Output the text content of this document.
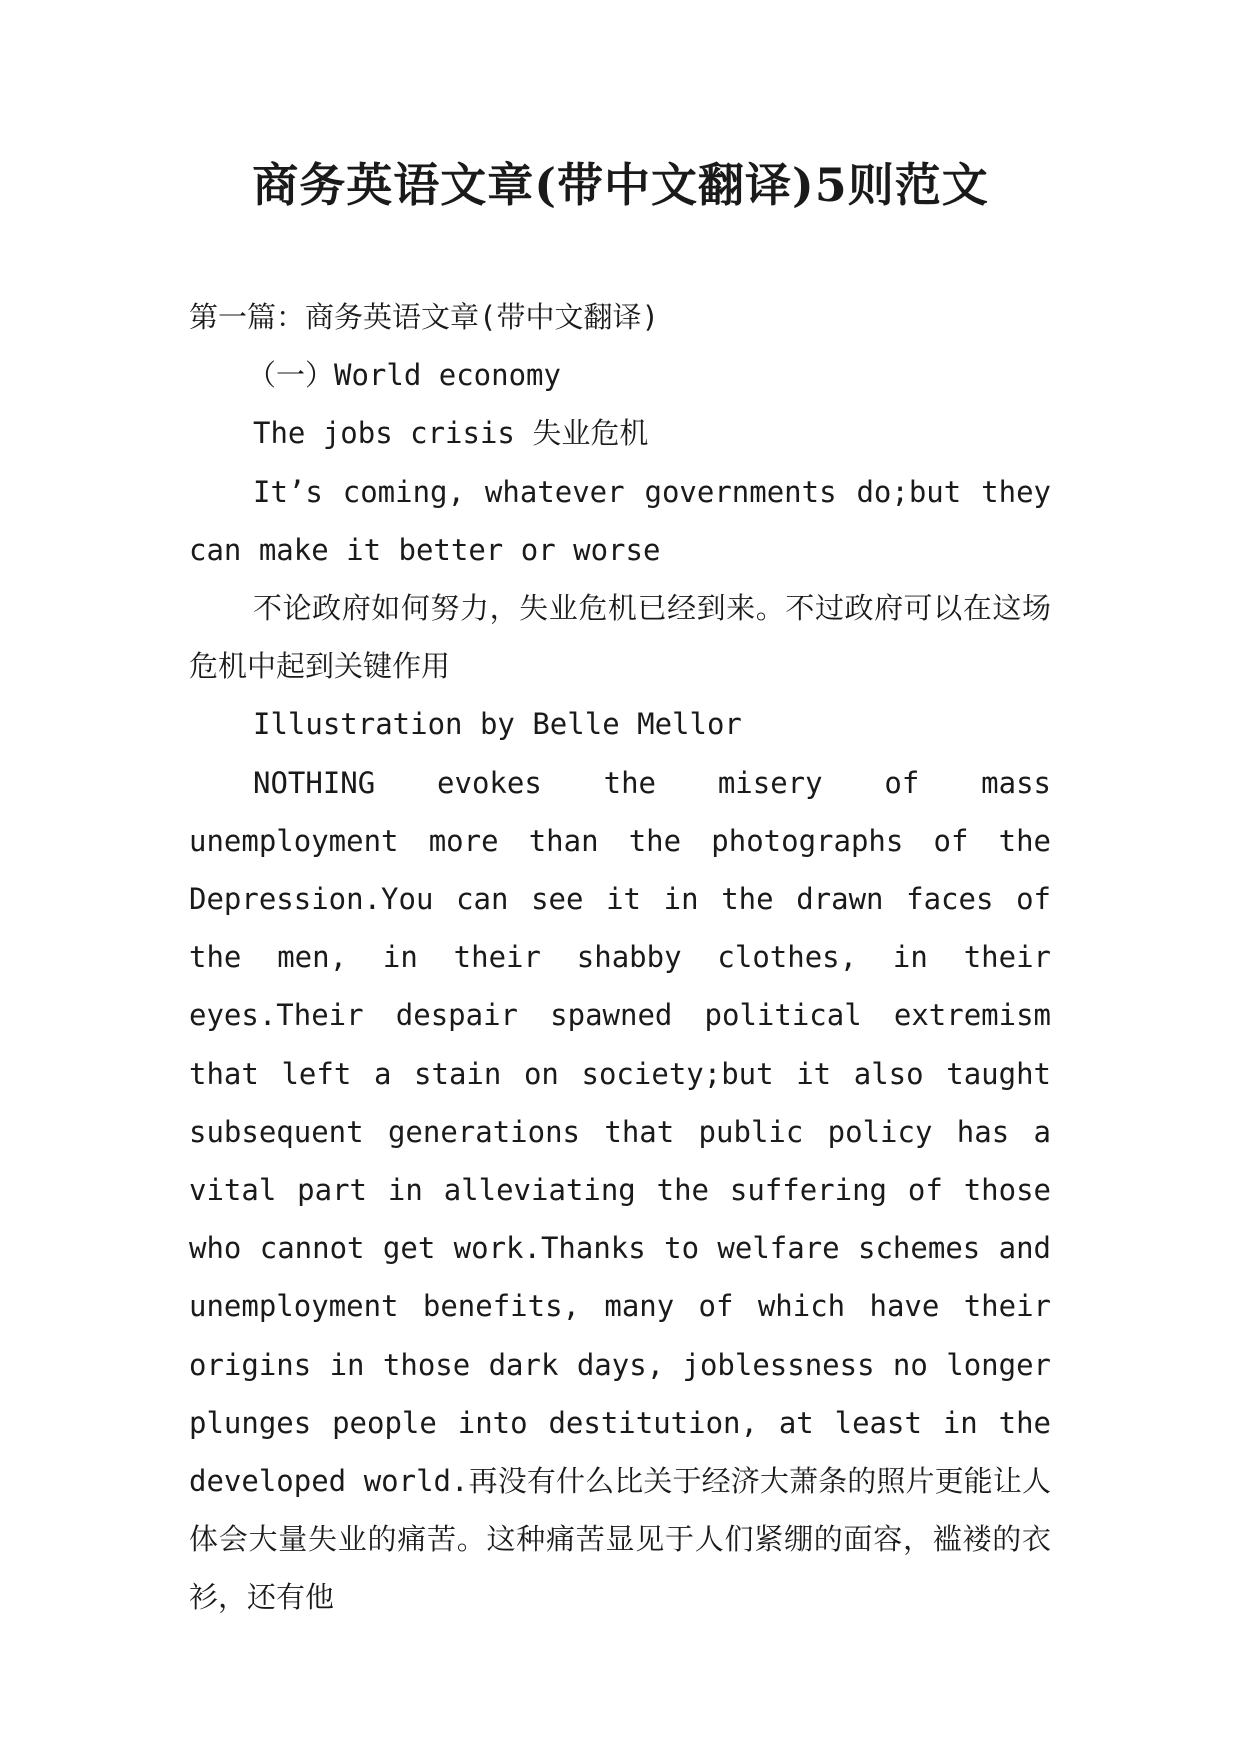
商务英语文章(带中文翻译)5则范文

第一篇：商务英语文章(带中文翻译)

（一）World economy

The jobs crisis 失业危机

It’s coming, whatever governments do;but they can make it better or worse

不论政府如何努力，失业危机已经到来。不过政府可以在这场危机中起到关键作用

Illustration by Belle Mellor

NOTHING evokes the misery of mass unemployment more than the photographs of the Depression.You can see it in the drawn faces of the men, in their shabby clothes, in their eyes.Their despair spawned political extremism that left a stain on society;but it also taught subsequent generations that public policy has a vital part in alleviating the suffering of those who cannot get work.Thanks to welfare schemes and unemployment benefits, many of which have their origins in those dark days, joblessness no longer plunges people into destitution, at least in the developed world.再没有什么比关于经济大萧条的照片更能让人体会大量失业的痛苦。这种痛苦显见于人们紧绷的面容，褴褛的衣衫，还有他
